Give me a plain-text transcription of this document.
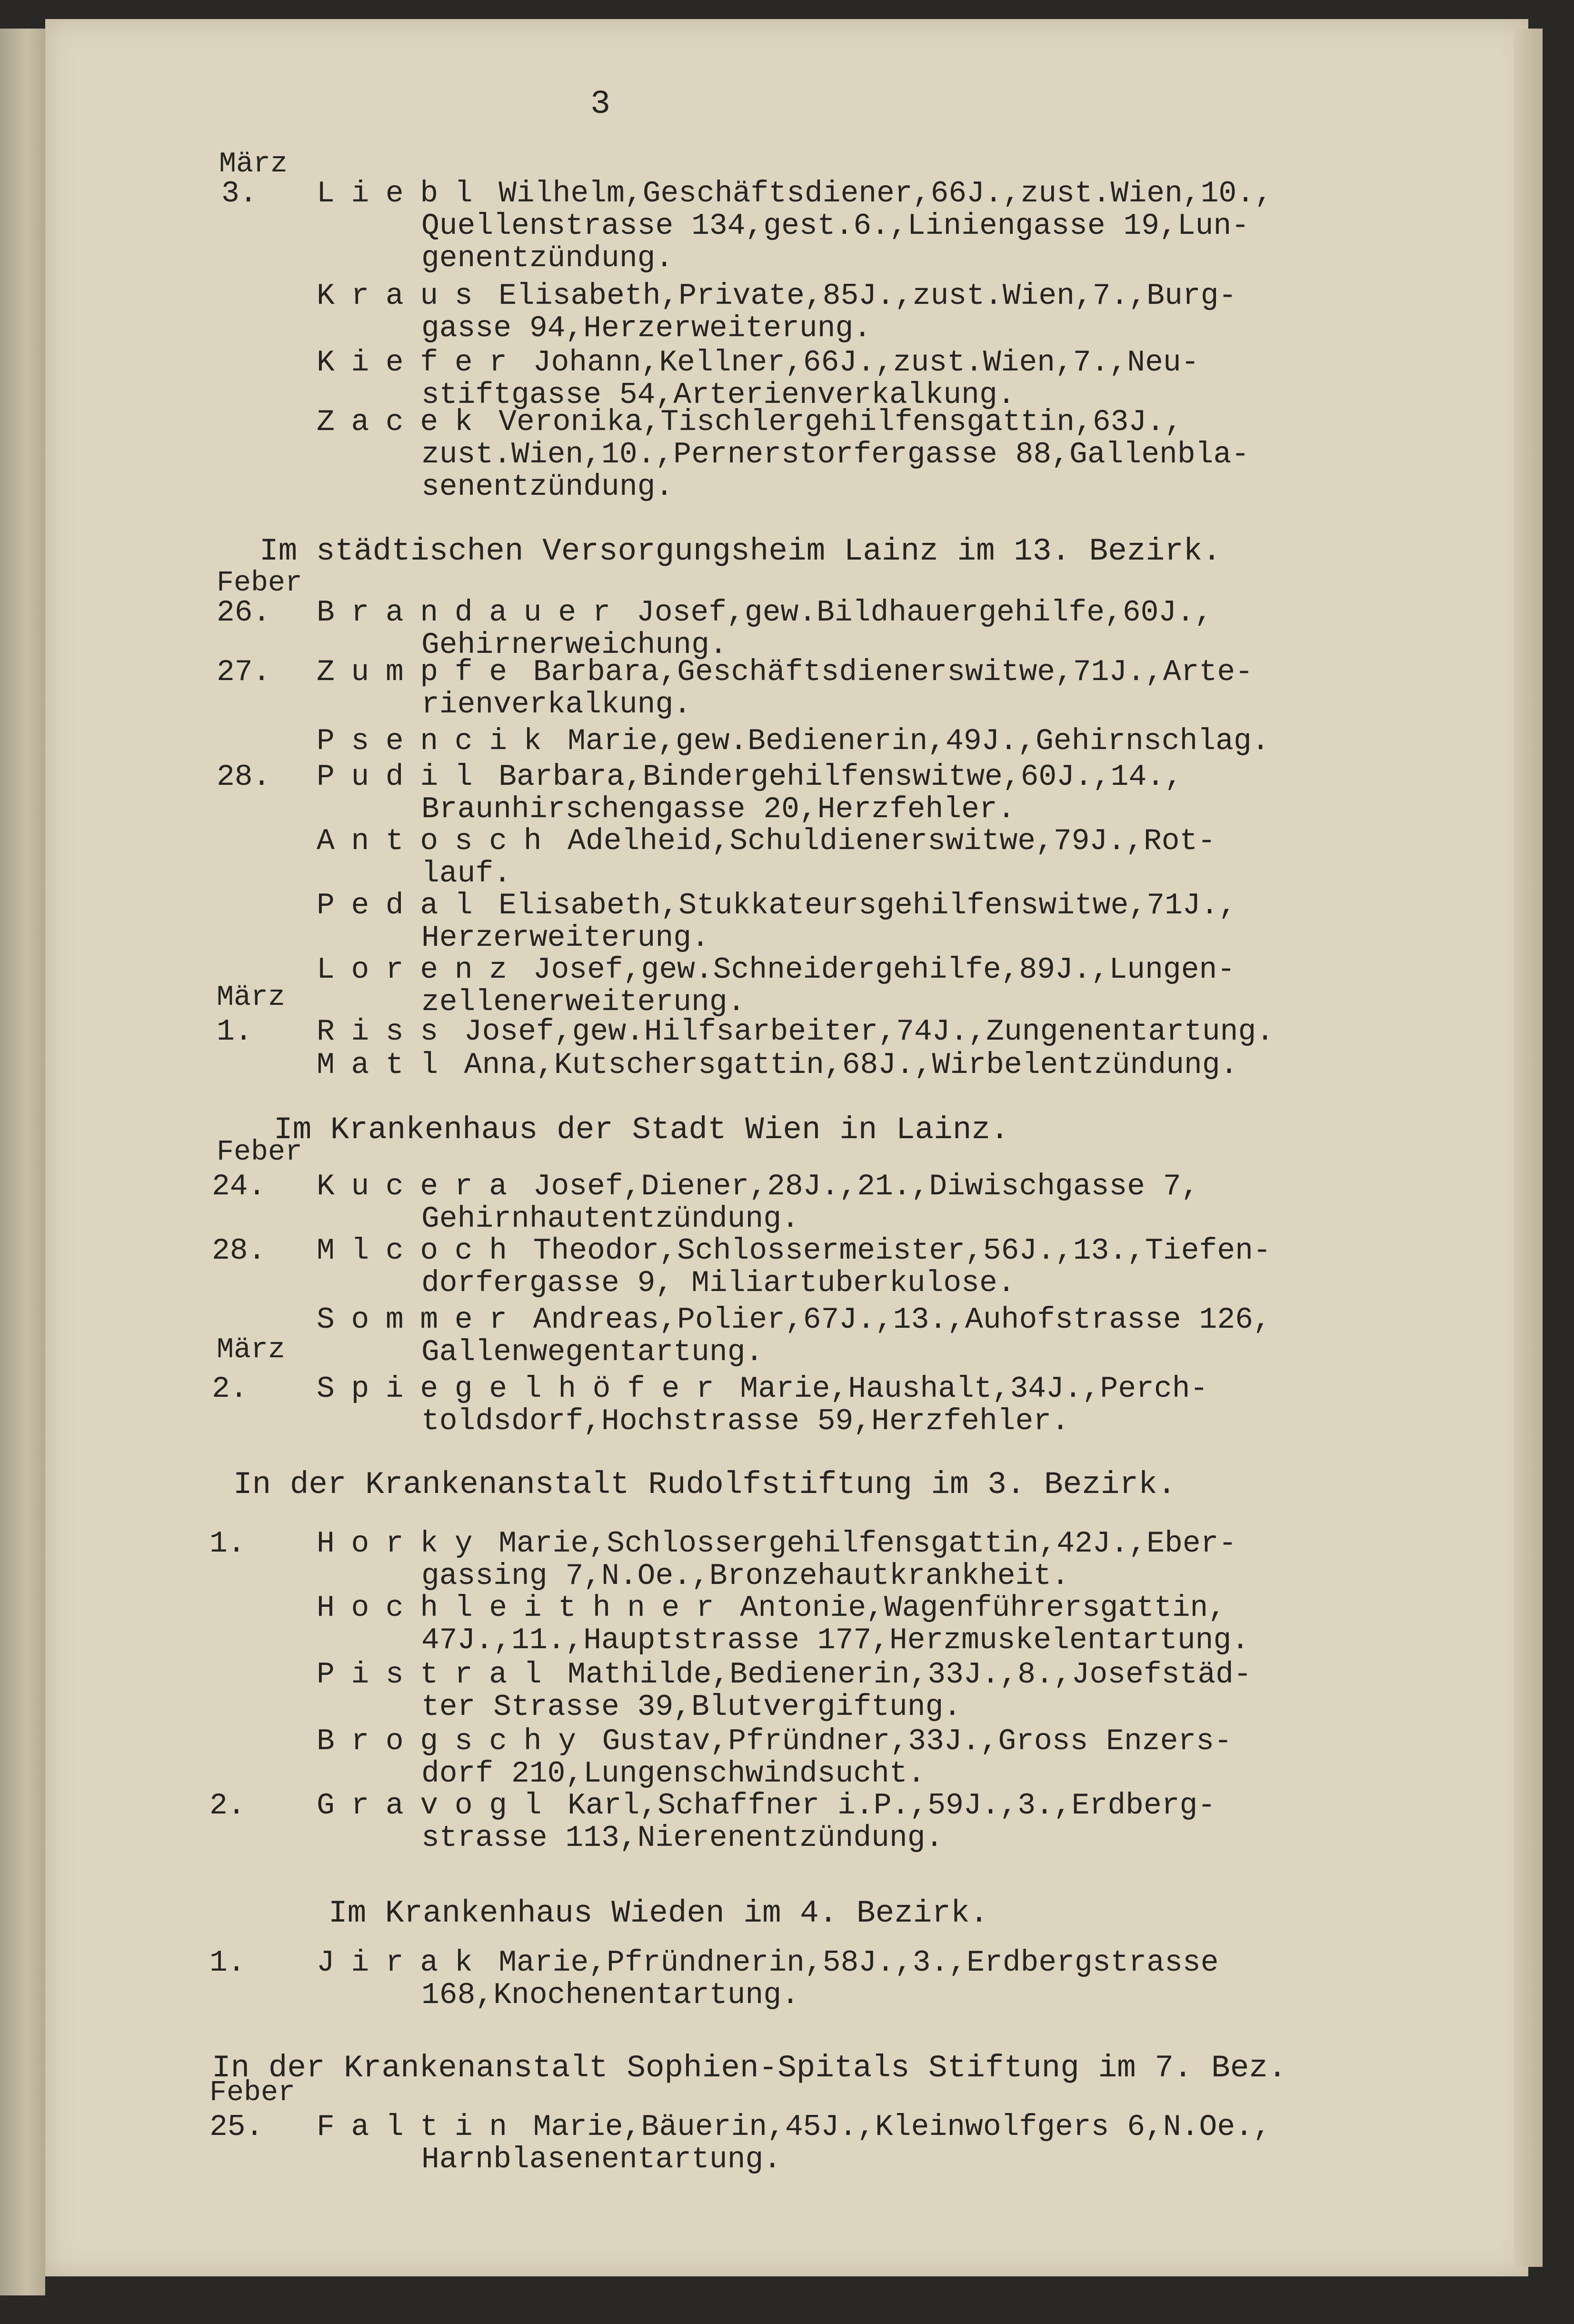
3
März
Feber
März
Feber
März
Feber
Im städtischen Versorgungsheim Lainz im 13. Bezirk.
Im Krankenhaus der Stadt Wien in Lainz.
In der Krankenanstalt Rudolfstiftung im 3. Bezirk.
Im Krankenhaus Wieden im 4. Bezirk.
In der Krankenanstalt Sophien-Spitals Stiftung im 7. Bez.
3. Liebl Wilhelm,Geschäftsdiener,66J.,zust.Wien,10.,
Quellenstrasse 134,gest.6.,Liniengasse 19,Lun-
genentzündung.
Kraus Elisabeth,Private,85J.,zust.Wien,7.,Burg-
gasse 94,Herzerweiterung.
Kiefer Johann,Kellner,66J.,zust.Wien,7.,Neu-
stiftgasse 54,Arterienverkalkung.
Zacek Veronika,Tischlergehilfensgattin,63J.,
zust.Wien,10.,Pernerstorfergasse 88,Gallenbla-
senentzündung.
26. Brandauer Josef,gew.Bildhauergehilfe,60J.,
Gehirnerweichung.
27. Zumpfe Barbara,Geschäftsdienerswitwe,71J.,Arte-
rienverkalkung.
Psencik Marie,gew.Bedienerin,49J.,Gehirnschlag.
28. Pudil Barbara,Bindergehilfenswitwe,60J.,14.,
Braunhirschengasse 20,Herzfehler.
Antosch Adelheid,Schuldienerswitwe,79J.,Rot-
lauf.
Pedal Elisabeth,Stukkateursgehilfenswitwe,71J.,
Herzerweiterung.
Lorenz Josef,gew.Schneidergehilfe,89J.,Lungen-
zellenerweiterung.
1. Riss Josef,gew.Hilfsarbeiter,74J.,Zungenentartung.
Matl Anna,Kutschersgattin,68J.,Wirbelentzündung.
24. Kucera Josef,Diener,28J.,21.,Diwischgasse 7,
Gehirnhautentzündung.
28. Mlcoch Theodor,Schlossermeister,56J.,13.,Tiefen-
dorfergasse 9, Miliartuberkulose.
Sommer Andreas,Polier,67J.,13.,Auhofstrasse 126,
Gallenwegentartung.
2. Spiegelhöfer Marie,Haushalt,34J.,Perch-
toldsdorf,Hochstrasse 59,Herzfehler.
1. Horky Marie,Schlossergehilfensgattin,42J.,Eber-
gassing 7,N.Oe.,Bronzehautkrankheit.
Hochleithner Antonie,Wagenführersgattin,
47J.,11.,Hauptstrasse 177,Herzmuskelentartung.
Pistral Mathilde,Bedienerin,33J.,8.,Josefstäd-
ter Strasse 39,Blutvergiftung.
Brogschy Gustav,Pfründner,33J.,Gross Enzers-
dorf 210,Lungenschwindsucht.
2. Gravogl Karl,Schaffner i.P.,59J.,3.,Erdberg-
strasse 113,Nierenentzündung.
1. Jirak Marie,Pfründnerin,58J.,3.,Erdbergstrasse
168,Knochenentartung.
25. Faltin Marie,Bäuerin,45J.,Kleinwolfgers 6,N.Oe.,
Harnblasenentartung.
